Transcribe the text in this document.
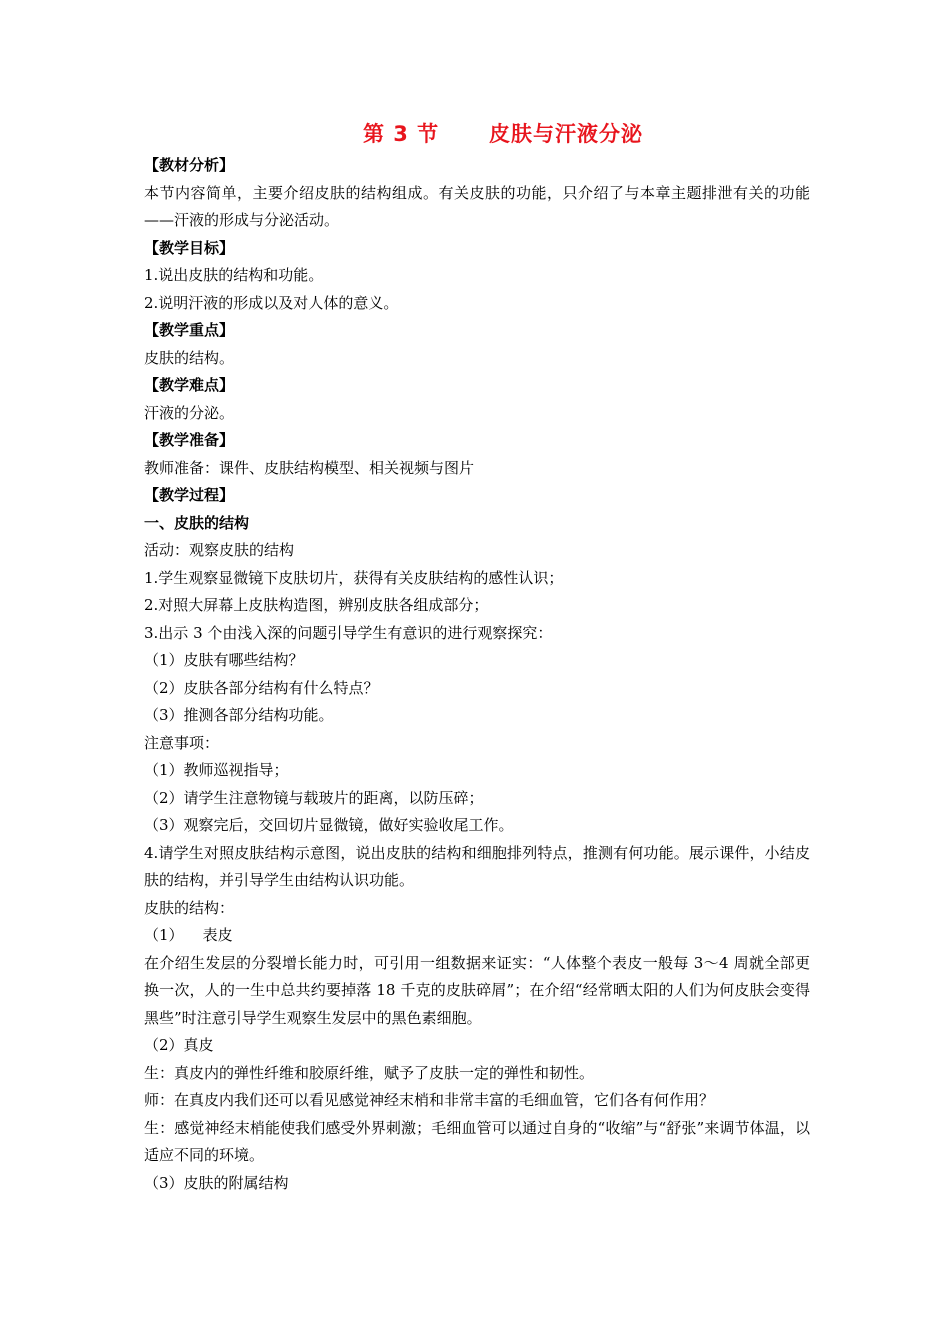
第 3 节      皮肤与汗液分泌
【教材分析】
本节内容简单，主要介绍皮肤的结构组成。有关皮肤的功能，只介绍了与本章主题排泄有关的功能——汗液的形成与分泌活动。
【教学目标】
1.说出皮肤的结构和功能。
2.说明汗液的形成以及对人体的意义。
【教学重点】
皮肤的结构。
【教学难点】
汗液的分泌。
【教学准备】
教师准备：课件、皮肤结构模型、相关视频与图片
【教学过程】
一、皮肤的结构
活动：观察皮肤的结构
1.学生观察显微镜下皮肤切片，获得有关皮肤结构的感性认识；
2.对照大屏幕上皮肤构造图，辨别皮肤各组成部分；
3.出示 3 个由浅入深的问题引导学生有意识的进行观察探究：
（1）皮肤有哪些结构？
（2）皮肤各部分结构有什么特点？
（3）推测各部分结构功能。
注意事项：
（1）教师巡视指导；
（2）请学生注意物镜与载玻片的距离，以防压碎；
（3）观察完后，交回切片显微镜，做好实验收尾工作。
4.请学生对照皮肤结构示意图，说出皮肤的结构和细胞排列特点，推测有何功能。展示课件，小结皮肤的结构，并引导学生由结构认识功能。
皮肤的结构：
（1）    表皮
在介绍生发层的分裂增长能力时，可引用一组数据来证实：“人体整个表皮一般每 3～4 周就全部更换一次，人的一生中总共约要掉落 18 千克的皮肤碎屑”；在介绍“经常晒太阳的人们为何皮肤会变得黑些”时注意引导学生观察生发层中的黑色素细胞。
（2）真皮
生：真皮内的弹性纤维和胶原纤维，赋予了皮肤一定的弹性和韧性。
师：在真皮内我们还可以看见感觉神经末梢和非常丰富的毛细血管，它们各有何作用？
生：感觉神经末梢能使我们感受外界刺激；毛细血管可以通过自身的“收缩”与“舒张”来调节体温，以适应不同的环境。
（3）皮肤的附属结构
